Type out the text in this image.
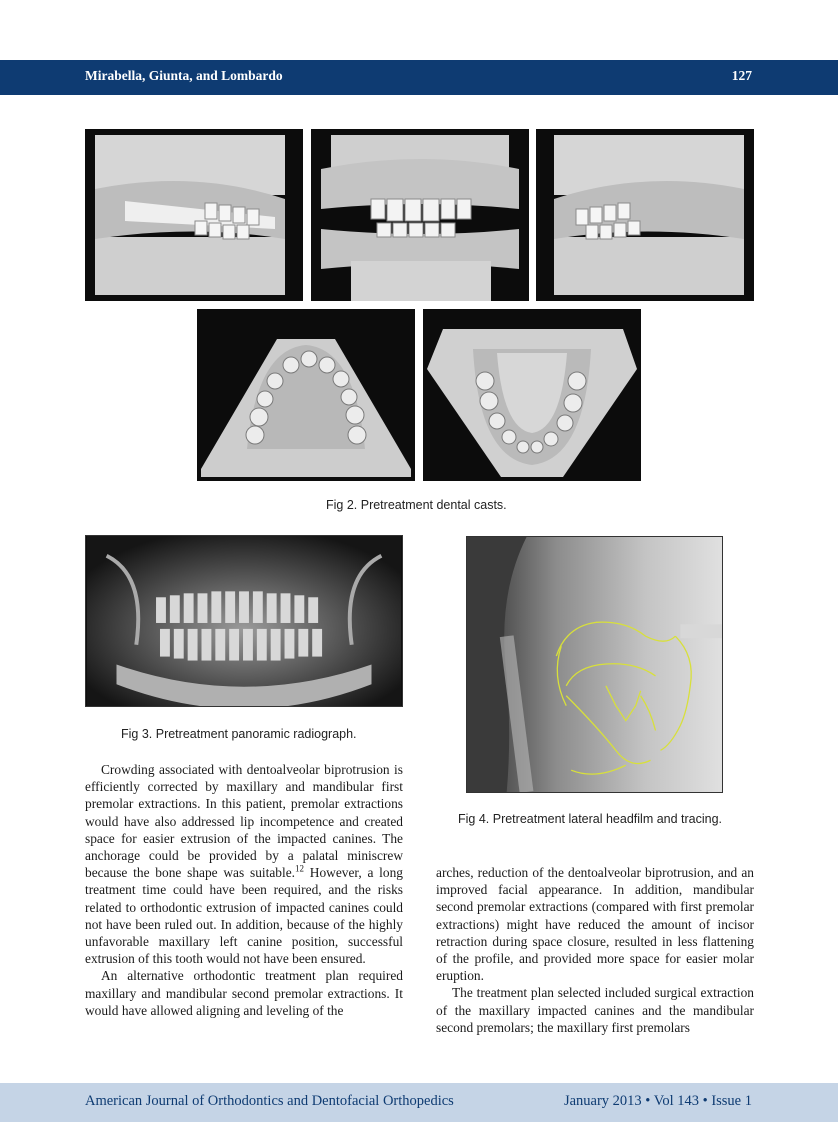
Mirabella, Giunta, and Lombardo	127
Fig 2. Pretreatment dental casts.
Fig 3. Pretreatment panoramic radiograph.
Fig 4. Pretreatment lateral headfilm and tracing.

Crowding associated with dentoalveolar biprotrusion is efficiently corrected by maxillary and mandibular first premolar extractions. In this patient, premolar extractions would have also addressed lip incompetence and created space for easier extrusion of the impacted canines. The anchorage could be provided by a palatal miniscrew because the bone shape was suitable.$^{12}$ However, a long treatment time could have been required, and the risks related to orthodontic extrusion of impacted canines could not have been ruled out. In addition, because of the highly unfavorable maxillary left canine position, successful extrusion of this tooth would not have been ensured.

An alternative orthodontic treatment plan required maxillary and mandibular second premolar extractions. It would have allowed aligning and leveling of the

arches, reduction of the dentoalveolar biprotrusion, and an improved facial appearance. In addition, mandibular second premolar extractions (compared with first premolar extractions) might have reduced the amount of incisor retraction during space closure, resulted in less flattening of the profile, and provided more space for easier molar eruption.

The treatment plan selected included surgical extraction of the maxillary impacted canines and the mandibular second premolars; the maxillary first premolars

American Journal of Orthodontics and Dentofacial Orthopedics	January 2013 • Vol 143 • Issue 1
